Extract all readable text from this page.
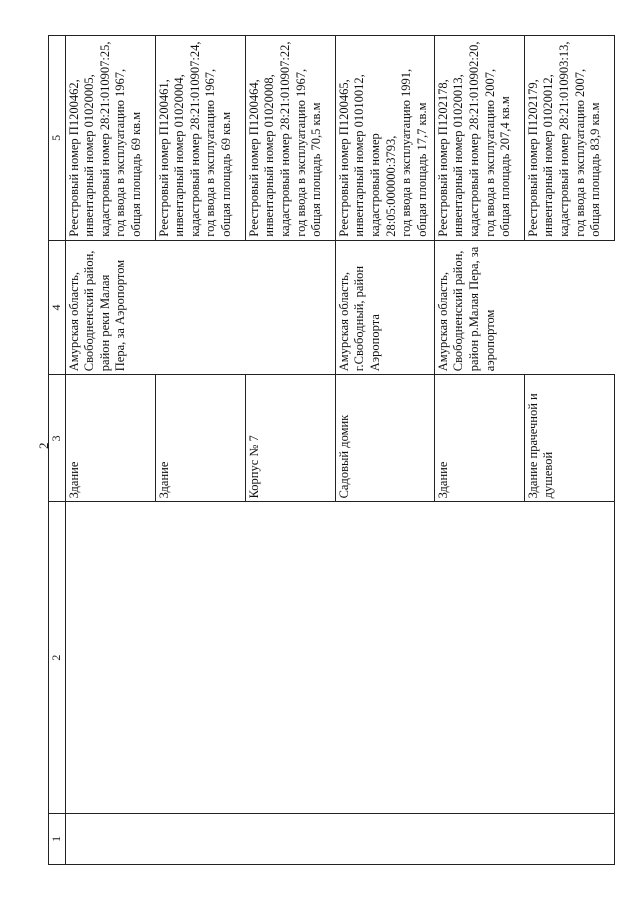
2
1	2	3	4	5
		Здание	Амурская область, Свободненский район, район реки Малая Пера, за Аэропортом	Реестровый номер П1200462,
инвентарный номер 01020005,
кадастровый номер 28:21:010907:25,
год ввода в эксплуатацию 1967,
общая площадь 69 кв.м
		Здание		Реестровый номер П1200461,
инвентарный номер 01020004,
кадастровый номер 28:21:010907:24,
год ввода в эксплуатацию 1967,
общая площадь 69 кв.м
		Корпус № 7		Реестровый номер П1200464,
инвентарный номер 01020008,
кадастровый номер 28:21:010907:22,
год ввода в эксплуатацию 1967,
общая площадь 70,5 кв.м
		Садовый домик	Амурская область, г.Свободный, район Аэропорта	Реестровый номер П1200465,
инвентарный номер 01010012,
кадастровый номер 28:05:000000:3793,
год ввода в эксплуатацию 1991,
общая площадь 17,7 кв.м
		Здание	Амурская область, Свободненский район, район р.Малая Пера, за аэропортом	Реестровый номер П1202178,
инвентарный номер 01020013,
кадастровый номер 28:21:010902:20,
год ввода в эксплуатацию 2007,
общая площадь 207,4 кв.м
		Здание прачечной и душевой		Реестровый номер П1202179,
инвентарный номер 01020012,
кадастровый номер 28:21:010903:13,
год ввода в эксплуатацию 2007,
общая площадь 83,9 кв.м
